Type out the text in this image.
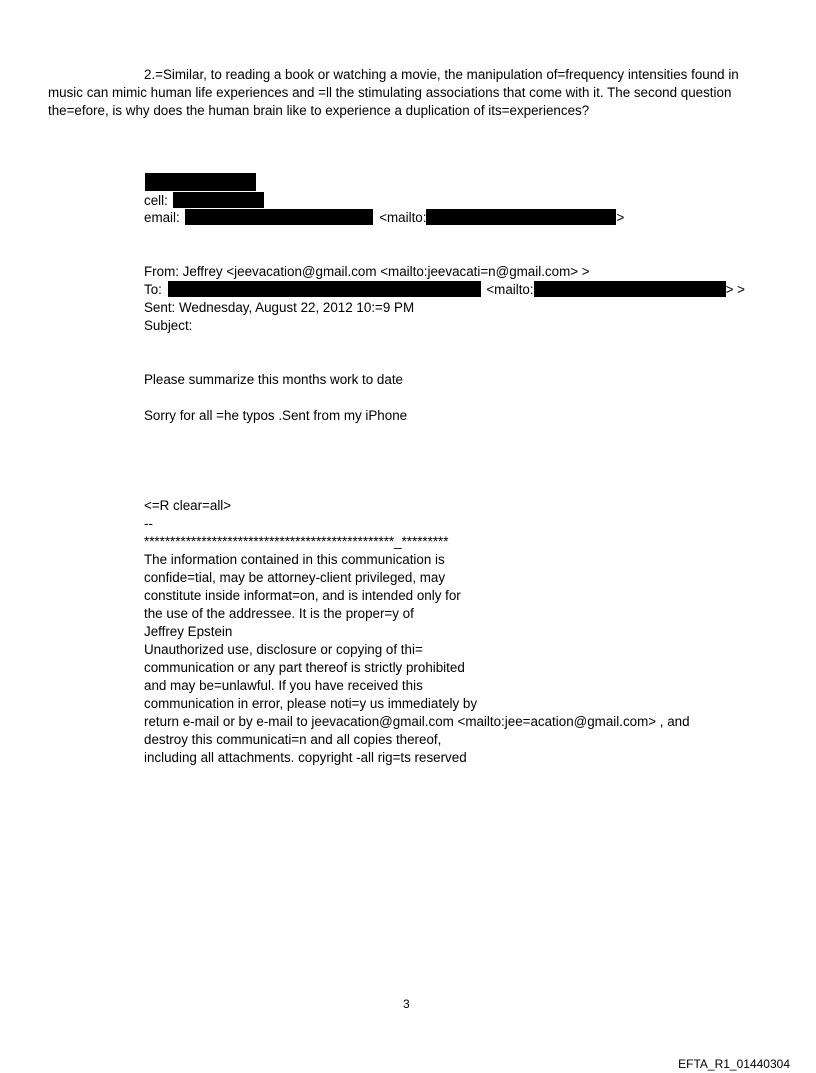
2.=Similar, to reading a book or watching a movie, the manipulation of=frequency intensities found in
music can mimic human life experiences and =ll the stimulating associations that come with it. The second question
the=efore, is why does the human brain like to experience a duplication of its=experiences?
cell:
email:	<mailto:	>
From: Jeffrey <jeevacation@gmail.com <mailto:jeevacati=n@gmail.com> >
To:	<mailto:	> >
Sent: Wednesday, August 22, 2012 10:=9 PM
Subject:
Please summarize this months work to date
Sorry for all =he typos .Sent from my iPhone
<=R clear=all>
--
************************************************_*********
The information contained in this communication is
confide=tial, may be attorney-client privileged, may
constitute inside informat=on, and is intended only for
the use of the addressee. It is the proper=y of
Jeffrey Epstein
Unauthorized use, disclosure or copying of thi=
communication or any part thereof is strictly prohibited
and may be=unlawful. If you have received this
communication in error, please noti=y us immediately by
return e-mail or by e-mail to jeevacation@gmail.com <mailto:jee=acation@gmail.com> , and
destroy this communicati=n and all copies thereof,
including all attachments. copyright -all rig=ts reserved
3
EFTA_R1_01440304
